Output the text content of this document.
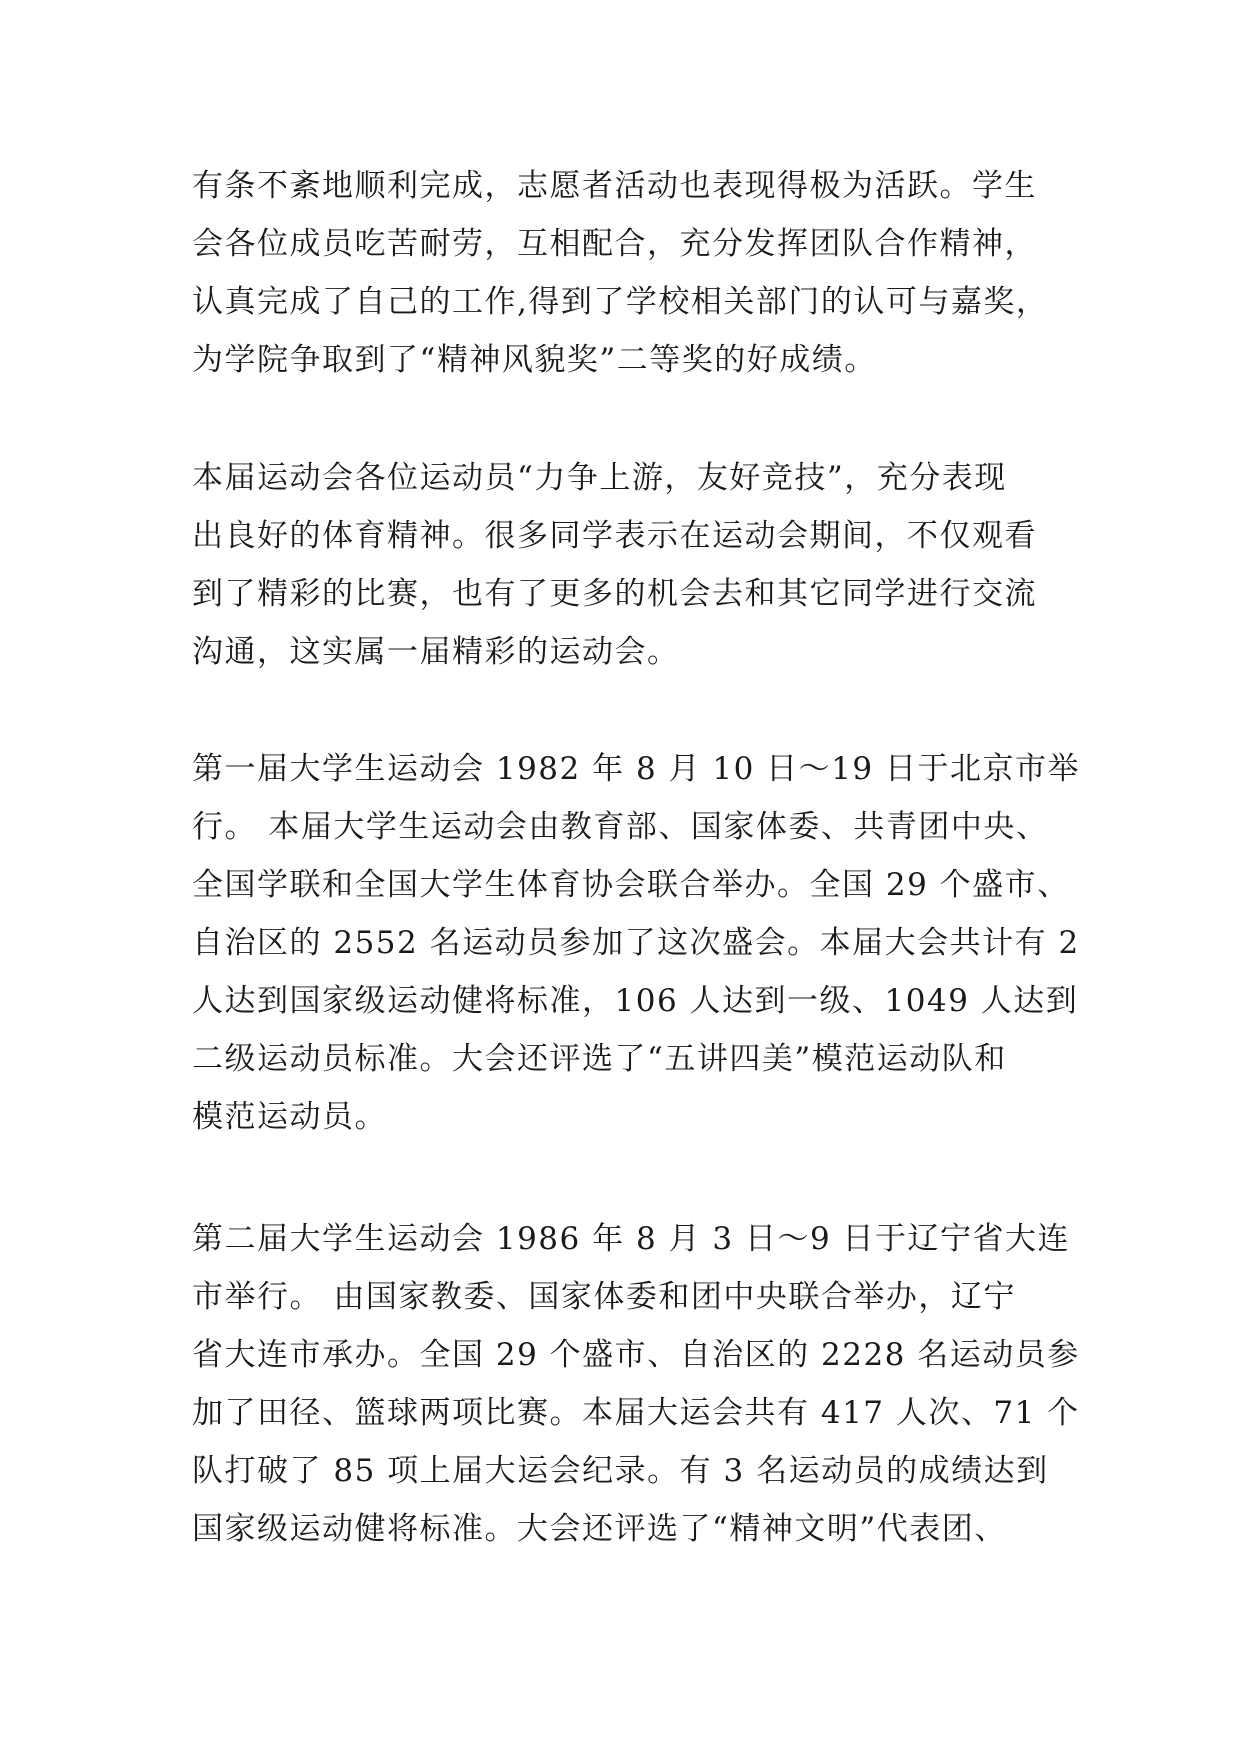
有条不紊地顺利完成，志愿者活动也表现得极为活跃。学生
会各位成员吃苦耐劳，互相配合，充分发挥团队合作精神，
认真完成了自己的工作,得到了学校相关部门的认可与嘉奖，
为学院争取到了“精神风貌奖”二等奖的好成绩。
本届运动会各位运动员“力争上游，友好竞技”，充分表现
出良好的体育精神。很多同学表示在运动会期间，不仅观看
到了精彩的比赛，也有了更多的机会去和其它同学进行交流
沟通，这实属一届精彩的运动会。
第一届大学生运动会 1982 年 8 月 10 日～19 日于北京市举
行。 本届大学生运动会由教育部、国家体委、共青团中央、
全国学联和全国大学生体育协会联合举办。全国 29 个盛市、
自治区的 2552 名运动员参加了这次盛会。本届大会共计有 2
人达到国家级运动健将标准，106 人达到一级、1049 人达到
二级运动员标准。大会还评选了“五讲四美”模范运动队和
模范运动员。
第二届大学生运动会 1986 年 8 月 3 日～9 日于辽宁省大连
市举行。 由国家教委、国家体委和团中央联合举办，辽宁
省大连市承办。全国 29 个盛市、自治区的 2228 名运动员参
加了田径、篮球两项比赛。本届大运会共有 417 人次、71 个
队打破了 85 项上届大运会纪录。有 3 名运动员的成绩达到
国家级运动健将标准。大会还评选了“精神文明”代表团、
